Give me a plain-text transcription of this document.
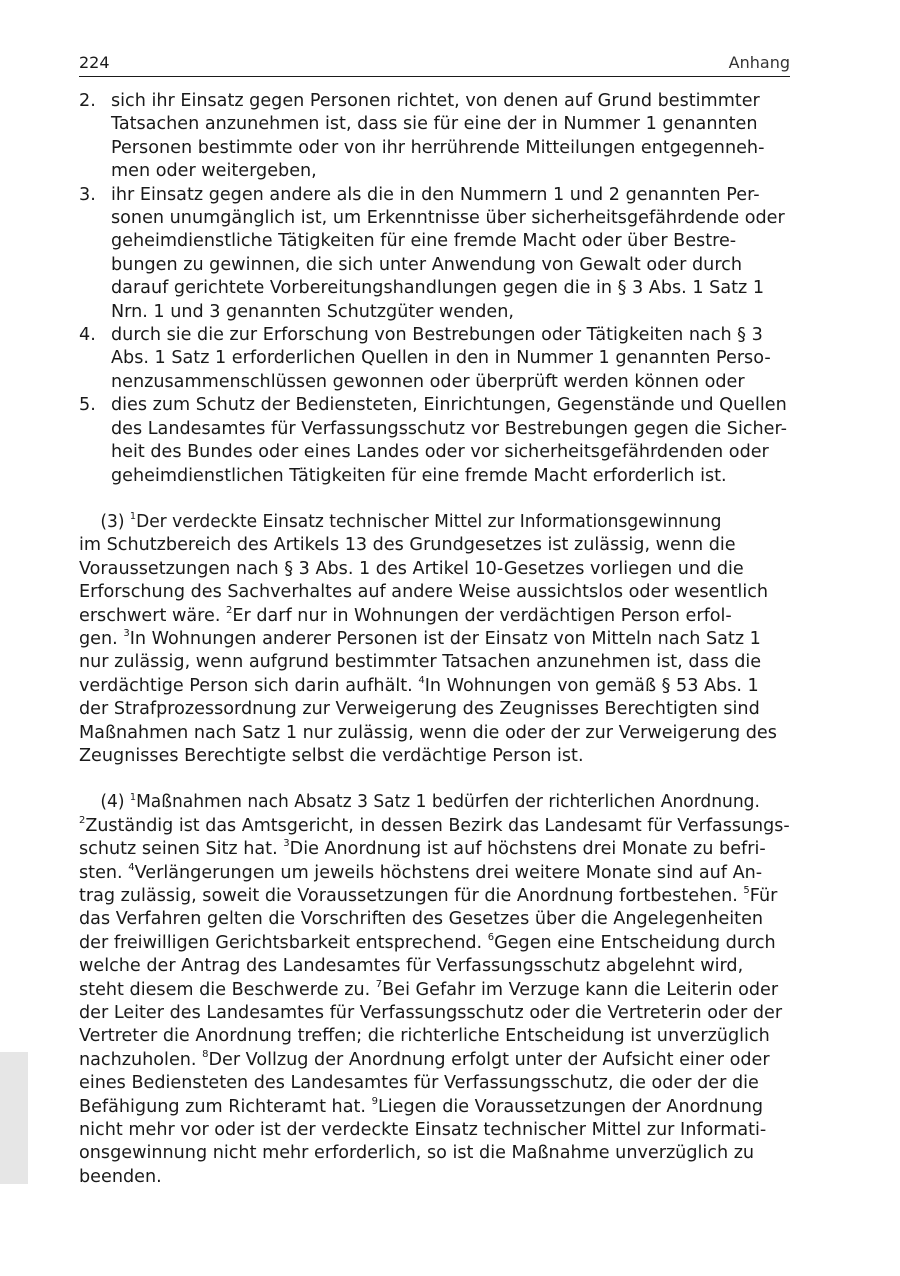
224	Anhang
2. sich ihr Einsatz gegen Personen richtet, von denen auf Grund bestimmter
Tatsachen anzunehmen ist, dass sie für eine der in Nummer 1 genannten
Personen bestimmte oder von ihr herrührende Mitteilungen entgegenneh-
men oder weitergeben,
3. ihr Einsatz gegen andere als die in den Nummern 1 und 2 genannten Per-
sonen unumgänglich ist, um Erkenntnisse über sicherheitsgefährdende oder
geheimdienstliche Tätigkeiten für eine fremde Macht oder über Bestre-
bungen zu gewinnen, die sich unter Anwendung von Gewalt oder durch
darauf gerichtete Vorbereitungshandlungen gegen die in § 3 Abs. 1 Satz 1
Nrn. 1 und 3 genannten Schutzgüter wenden,
4. durch sie die zur Erforschung von Bestrebungen oder Tätigkeiten nach § 3
Abs. 1 Satz 1 erforderlichen Quellen in den in Nummer 1 genannten Perso-
nenzusammenschlüssen gewonnen oder überprüft werden können oder
5. dies zum Schutz der Bediensteten, Einrichtungen, Gegenstände und Quellen
des Landesamtes für Verfassungsschutz vor Bestrebungen gegen die Sicher-
heit des Bundes oder eines Landes oder vor sicherheitsgefährdenden oder
geheimdienstlichen Tätigkeiten für eine fremde Macht erforderlich ist.
(3) $^1$Der verdeckte Einsatz technischer Mittel zur Informationsgewinnung
im Schutzbereich des Artikels 13 des Grundgesetzes ist zulässig, wenn die
Voraussetzungen nach § 3 Abs. 1 des Artikel 10-Gesetzes vorliegen und die
Erforschung des Sachverhaltes auf andere Weise aussichtslos oder wesentlich
erschwert wäre. $^2$Er darf nur in Wohnungen der verdächtigen Person erfol-
gen. $^3$In Wohnungen anderer Personen ist der Einsatz von Mitteln nach Satz 1
nur zulässig, wenn aufgrund bestimmter Tatsachen anzunehmen ist, dass die
verdächtige Person sich darin aufhält. $^4$In Wohnungen von gemäß § 53 Abs. 1
der Strafprozessordnung zur Verweigerung des Zeugnisses Berechtigten sind
Maßnahmen nach Satz 1 nur zulässig, wenn die oder der zur Verweigerung des
Zeugnisses Berechtigte selbst die verdächtige Person ist.
(4) $^1$Maßnahmen nach Absatz 3 Satz 1 bedürfen der richterlichen Anordnung.
$^2$Zuständig ist das Amtsgericht, in dessen Bezirk das Landesamt für Verfassungs-
schutz seinen Sitz hat. $^3$Die Anordnung ist auf höchstens drei Monate zu befri-
sten. $^4$Verlängerungen um jeweils höchstens drei weitere Monate sind auf An-
trag zulässig, soweit die Voraussetzungen für die Anordnung fortbestehen. $^5$Für
das Verfahren gelten die Vorschriften des Gesetzes über die Angelegenheiten
der freiwilligen Gerichtsbarkeit entsprechend. $^6$Gegen eine Entscheidung durch
welche der Antrag des Landesamtes für Verfassungsschutz abgelehnt wird,
steht diesem die Beschwerde zu. $^7$Bei Gefahr im Verzuge kann die Leiterin oder
der Leiter des Landesamtes für Verfassungsschutz oder die Vertreterin oder der
Vertreter die Anordnung treffen; die richterliche Entscheidung ist unverzüglich
nachzuholen. $^8$Der Vollzug der Anordnung erfolgt unter der Aufsicht einer oder
eines Bediensteten des Landesamtes für Verfassungsschutz, die oder der die
Befähigung zum Richteramt hat. $^9$Liegen die Voraussetzungen der Anordnung
nicht mehr vor oder ist der verdeckte Einsatz technischer Mittel zur Informati-
onsgewinnung nicht mehr erforderlich, so ist die Maßnahme unverzüglich zu
beenden.
